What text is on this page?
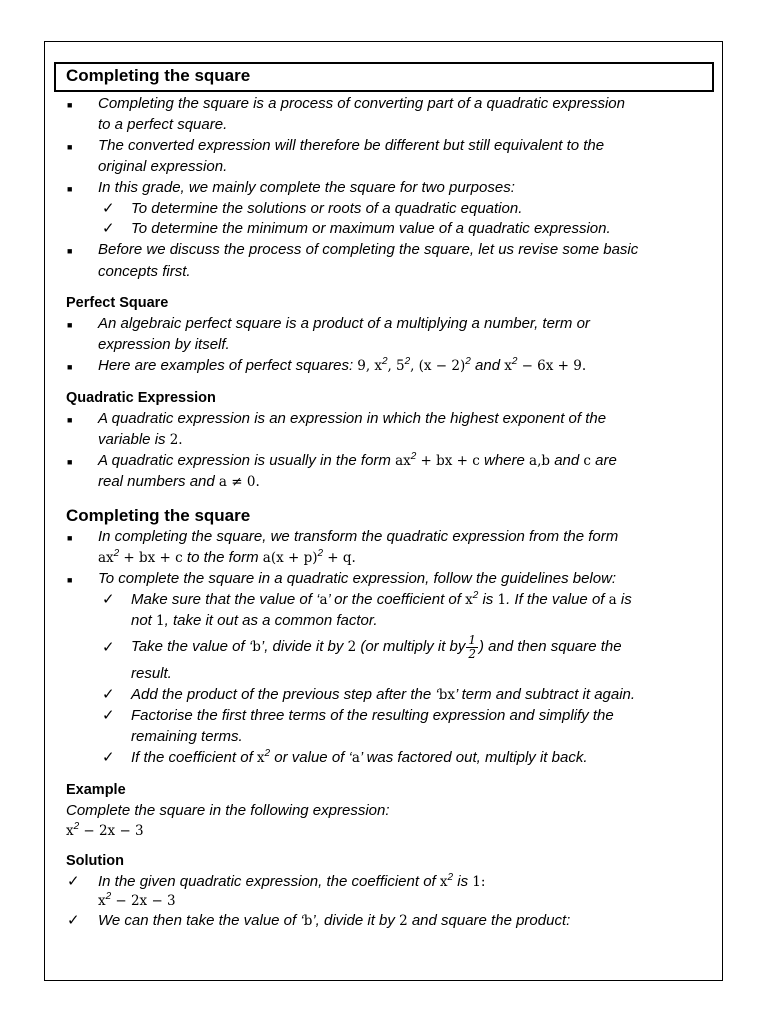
Completing the square
■ Completing the square is a process of converting part of a quadratic expression
to a perfect square.
■ The converted expression will therefore be different but still equivalent to the
original expression.
■ In this grade, we mainly complete the square for two purposes:
✓ To determine the solutions or roots of a quadratic equation.
✓ To determine the minimum or maximum value of a quadratic expression.
■ Before we discuss the process of completing the square, let us revise some basic
concepts first.
Perfect Square
■ An algebraic perfect square is a product of a multiplying a number, term or
expression by itself.
■ Here are examples of perfect squares: 9, $x^2$, $5^2$, $(x - 2)^2$ and $x^2 - 6x + 9$.
Quadratic Expression
■ A quadratic expression is an expression in which the highest exponent of the
variable is 2.
■ A quadratic expression is usually in the form $ax^2$ + bx + c where a,b and c are
real numbers and a ≠ 0.
Completing the square
■ In completing the square, we transform the quadratic expression from the form
$ax^2$ + bx + c to the form $a(x + p)^2 + q$.
■ To complete the square in a quadratic expression, follow the guidelines below:
✓ Make sure that the value of ‘a’ or the coefficient of $x^2$ is 1. If the value of a is
not 1, take it out as a common factor.
✓ Take the value of ‘b’, divide it by 2 (or multiply it by $\frac{1}{2}$ ) and then square the
result.
✓ Add the product of the previous step after the ‘bx’ term and subtract it again.
✓ Factorise the first three terms of the resulting expression and simplify the
remaining terms.
✓ If the coefficient of $x^2$ or value of ‘a’ was factored out, multiply it back.
Example
Complete the square in the following expression:
$x^2 - 2x - 3$
Solution
✓ In the given quadratic expression, the coefficient of $x^2$ is 1:
$x^2 - 2x - 3$
✓ We can then take the value of ‘b’, divide it by 2 and square the product:
